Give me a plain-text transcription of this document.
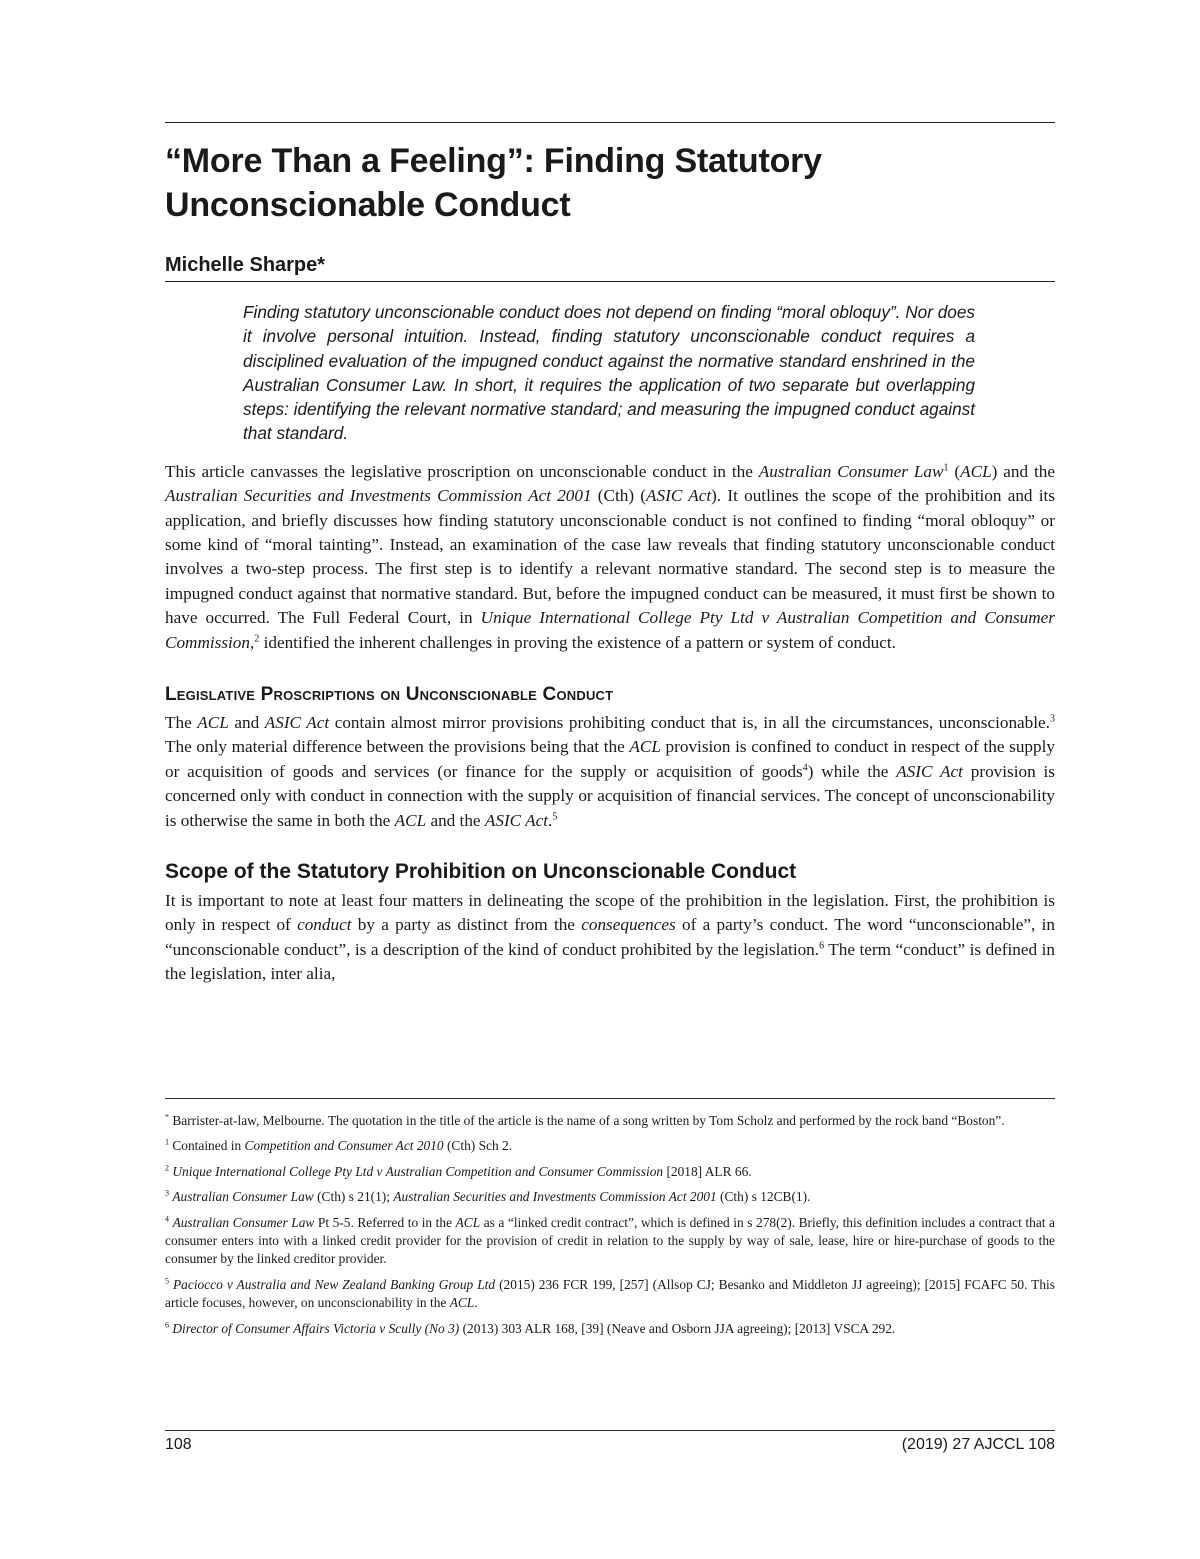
“More Than a Feeling”: Finding Statutory Unconscionable Conduct
Michelle Sharpe*

Finding statutory unconscionable conduct does not depend on finding “moral obloquy”. Nor does it involve personal intuition. Instead, finding statutory unconscionable conduct requires a disciplined evaluation of the impugned conduct against the normative standard enshrined in the Australian Consumer Law. In short, it requires the application of two separate but overlapping steps: identifying the relevant normative standard; and measuring the impugned conduct against that standard.

This article canvasses the legislative proscription on unconscionable conduct in the Australian Consumer Law$^1$ (ACL) and the Australian Securities and Investments Commission Act 2001 (Cth) (ASIC Act). It outlines the scope of the prohibition and its application, and briefly discusses how finding statutory unconscionable conduct is not confined to finding “moral obloquy” or some kind of “moral tainting”. Instead, an examination of the case law reveals that finding statutory unconscionable conduct involves a two-step process. The first step is to identify a relevant normative standard. The second step is to measure the impugned conduct against that normative standard. But, before the impugned conduct can be measured, it must first be shown to have occurred. The Full Federal Court, in Unique International College Pty Ltd v Australian Competition and Consumer Commission,$^2$ identified the inherent challenges in proving the existence of a pattern or system of conduct.

Legislative Proscriptions on Unconscionable Conduct

The ACL and ASIC Act contain almost mirror provisions prohibiting conduct that is, in all the circumstances, unconscionable.$^3$ The only material difference between the provisions being that the ACL provision is confined to conduct in respect of the supply or acquisition of goods and services (or finance for the supply or acquisition of goods$^4$) while the ASIC Act provision is concerned only with conduct in connection with the supply or acquisition of financial services. The concept of unconscionability is otherwise the same in both the ACL and the ASIC Act.$^5$

Scope of the Statutory Prohibition on Unconscionable Conduct

It is important to note at least four matters in delineating the scope of the prohibition in the legislation. First, the prohibition is only in respect of conduct by a party as distinct from the consequences of a party’s conduct. The word “unconscionable”, in “unconscionable conduct”, is a description of the kind of conduct prohibited by the legislation.$^6$ The term “conduct” is defined in the legislation, inter alia,

* Barrister-at-law, Melbourne. The quotation in the title of the article is the name of a song written by Tom Scholz and performed by the rock band “Boston”.

$^1$ Contained in Competition and Consumer Act 2010 (Cth) Sch 2.

$^2$ Unique International College Pty Ltd v Australian Competition and Consumer Commission [2018] ALR 66.

$^3$ Australian Consumer Law (Cth) s 21(1); Australian Securities and Investments Commission Act 2001 (Cth) s 12CB(1).

$^4$ Australian Consumer Law Pt 5-5. Referred to in the ACL as a “linked credit contract”, which is defined in s 278(2). Briefly, this definition includes a contract that a consumer enters into with a linked credit provider for the provision of credit in relation to the supply by way of sale, lease, hire or hire-purchase of goods to the consumer by the linked creditor provider.

$^5$ Paciocco v Australia and New Zealand Banking Group Ltd (2015) 236 FCR 199, [257] (Allsop CJ; Besanko and Middleton JJ agreeing); [2015] FCAFC 50. This article focuses, however, on unconscionability in the ACL.

$^6$ Director of Consumer Affairs Victoria v Scully (No 3) (2013) 303 ALR 168, [39] (Neave and Osborn JJA agreeing); [2013] VSCA 292.

108	(2019) 27 AJCCL 108
